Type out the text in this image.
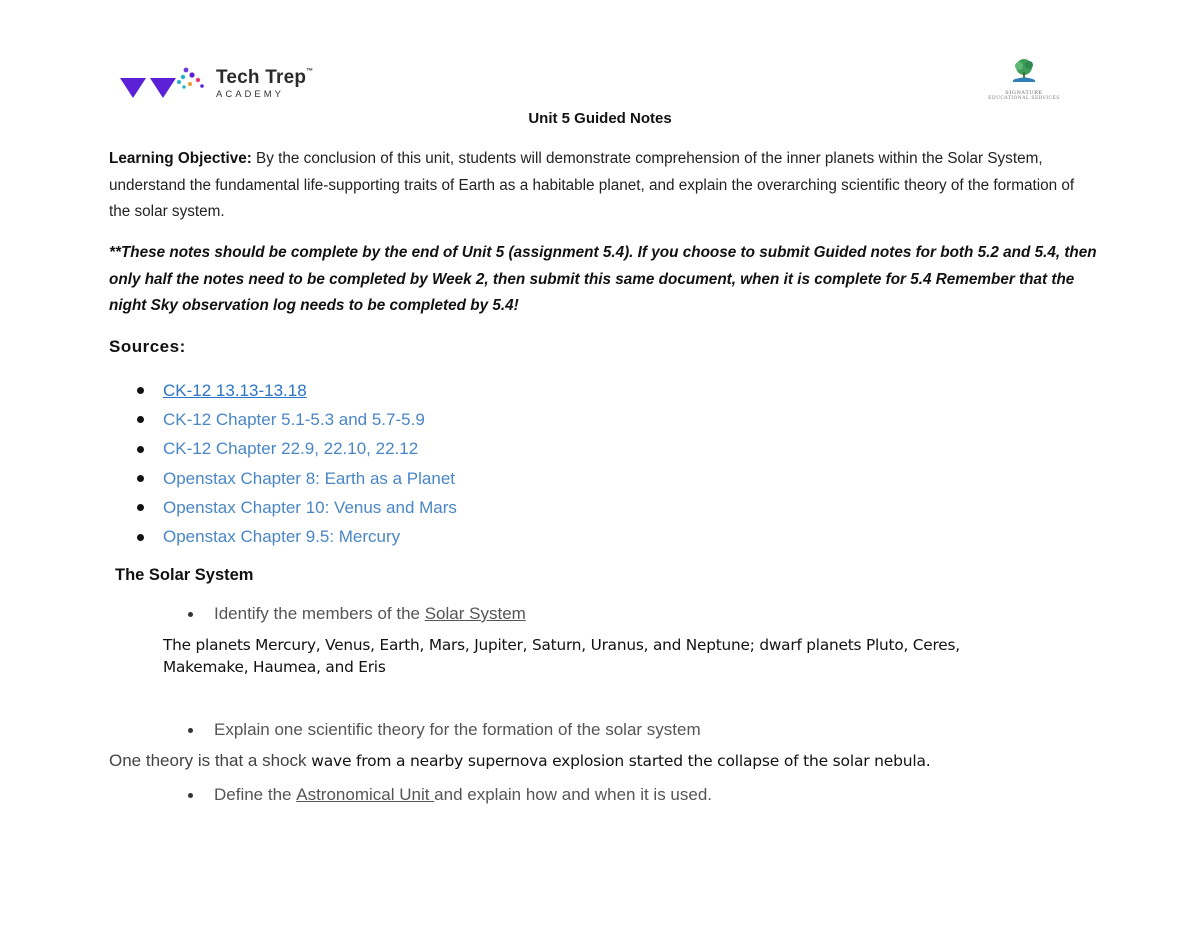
Tech Trep™
ACADEMY	SIGNATURE
EDUCATIONAL SERVICES
Unit 5 Guided Notes
Learning Objective: By the conclusion of this unit, students will demonstrate comprehension of the inner planets within the Solar System, understand the fundamental life-supporting traits of Earth as a habitable planet, and explain the overarching scientific theory of the formation of the solar system.
**These notes should be complete by the end of Unit 5 (assignment 5.4). If you choose to submit Guided notes for both 5.2 and 5.4, then only half the notes need to be completed by Week 2, then submit this same document, when it is complete for 5.4 Remember that the night Sky observation log needs to be completed by 5.4!
Sources:
CK-12 13.13-13.18
CK-12 Chapter 5.1-5.3 and 5.7-5.9
CK-12 Chapter 22.9, 22.10, 22.12
Openstax Chapter 8: Earth as a Planet
Openstax Chapter 10: Venus and Mars
Openstax Chapter 9.5: Mercury
The Solar System
Identify the members of the Solar System
The planets Mercury, Venus, Earth, Mars, Jupiter, Saturn, Uranus, and Neptune; dwarf planets Pluto, Ceres, Makemake, Haumea, and Eris
Explain one scientific theory for the formation of the solar system
One theory is that a shock wave from a nearby supernova explosion started the collapse of the solar nebula.
Define the Astronomical Unit and explain how and when it is used.
